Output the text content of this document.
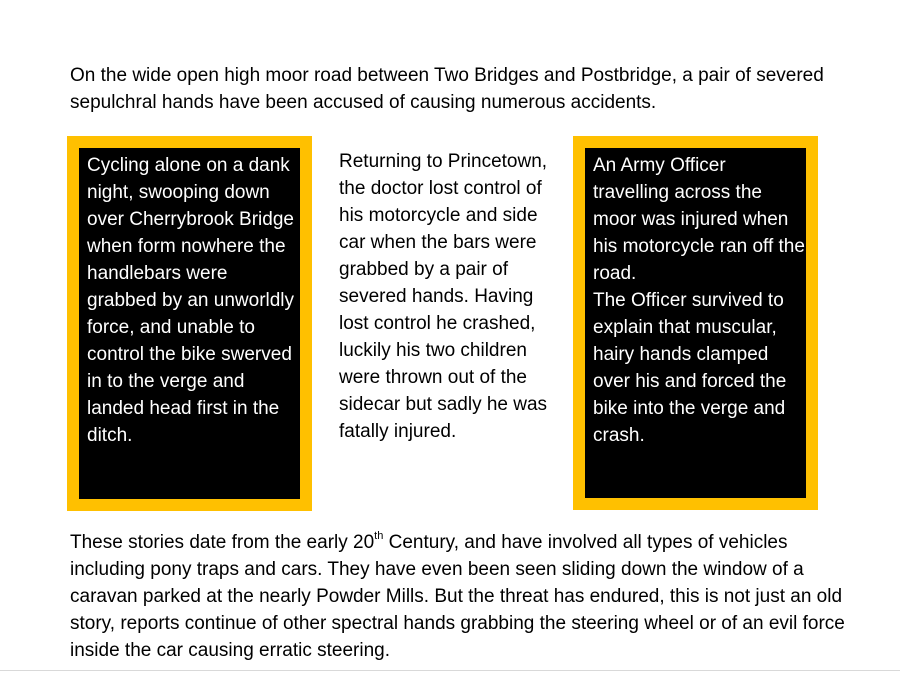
On the wide open high moor road between Two Bridges and Postbridge, a pair of severed sepulchral hands have been accused of causing numerous accidents.

Cycling alone on a dank night, swooping down over Cherrybrook Bridge when form nowhere the handlebars were grabbed by an unworldly force, and unable to control the bike swerved in to the verge and landed head first in the ditch.

Returning to Princetown, the doctor lost control of his motorcycle and side car when the bars were grabbed by a pair of severed hands. Having lost control he crashed, luckily his two children were thrown out of the sidecar but sadly he was fatally injured.

An Army Officer travelling across the moor was injured when his motorcycle ran off the road.

The Officer survived to explain that muscular, hairy hands clamped over his and forced the bike into the verge and crash.

These stories date from the early 20th Century, and have involved all types of vehicles including pony traps and cars. They have even been seen sliding down the window of a caravan parked at the nearly Powder Mills. But the threat has endured, this is not just an old story, reports continue of other spectral hands grabbing the steering wheel or of an evil force inside the car causing erratic steering.
